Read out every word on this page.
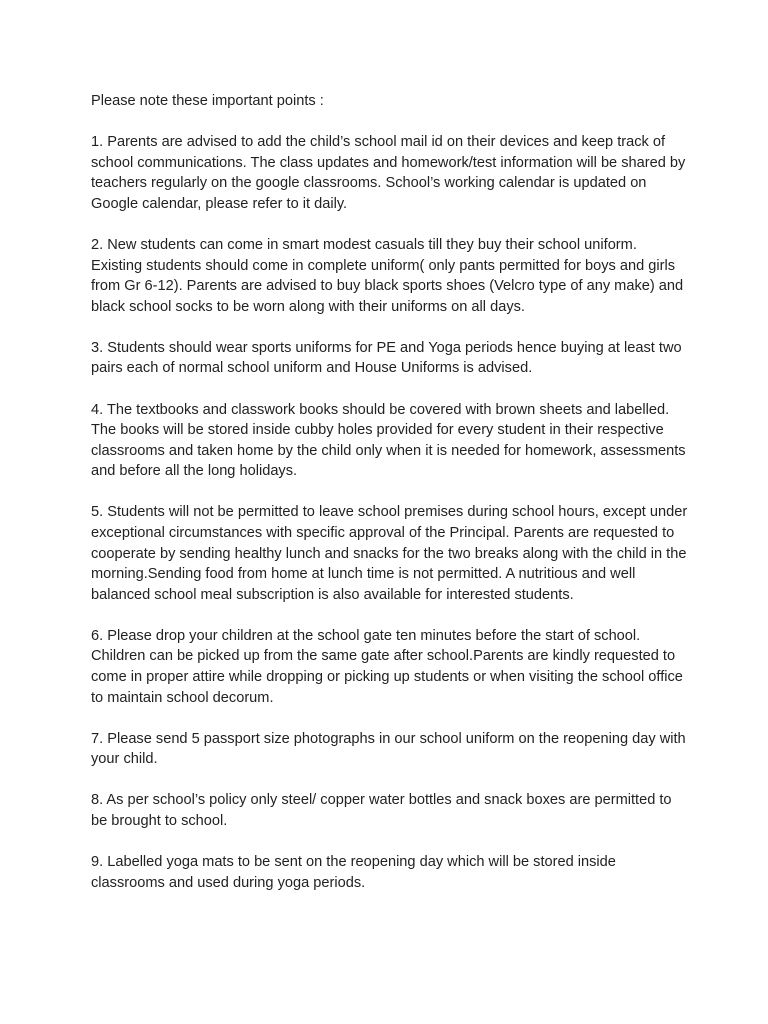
Please note these important points :

1. Parents are advised to add the child’s school mail id on their devices and keep track of school communications. The class updates and homework/test information will be shared by teachers regularly on the google classrooms. School’s working calendar is updated on Google calendar, please refer to it daily.

2. New students can come in smart modest casuals till they buy their school uniform. Existing students should come in complete uniform( only pants permitted for boys and girls from Gr 6-12). Parents are advised to buy black sports shoes (Velcro type of any make) and black school socks to be worn along with their uniforms on all days.

3. Students should wear sports uniforms for PE and Yoga periods hence buying at least two pairs each of normal school uniform and House Uniforms is advised.

4. The textbooks and classwork books should be covered with brown sheets and labelled. The books will be stored inside cubby holes provided for every student in their respective classrooms and taken home by the child only when it is needed for homework, assessments and before all the long holidays.

5. Students will not be permitted to leave school premises during school hours, except under exceptional circumstances with specific approval of the Principal. Parents are requested to cooperate by sending healthy lunch and snacks for the two breaks along with the child in the morning.Sending food from home at lunch time is not permitted. A nutritious and well balanced school meal subscription is also available for interested students.

6. Please drop your children at the school gate ten minutes before the start of school. Children can be picked up from the same gate after school.Parents are kindly requested to come in proper attire while dropping or picking up students or when visiting the school office to maintain school decorum.

7. Please send 5 passport size photographs in our school uniform on the reopening day with your child.

8. As per school’s policy only steel/ copper water bottles and snack boxes are permitted to be brought to school.

9. Labelled yoga mats to be sent on the reopening day which will be stored inside classrooms and used during yoga periods.
